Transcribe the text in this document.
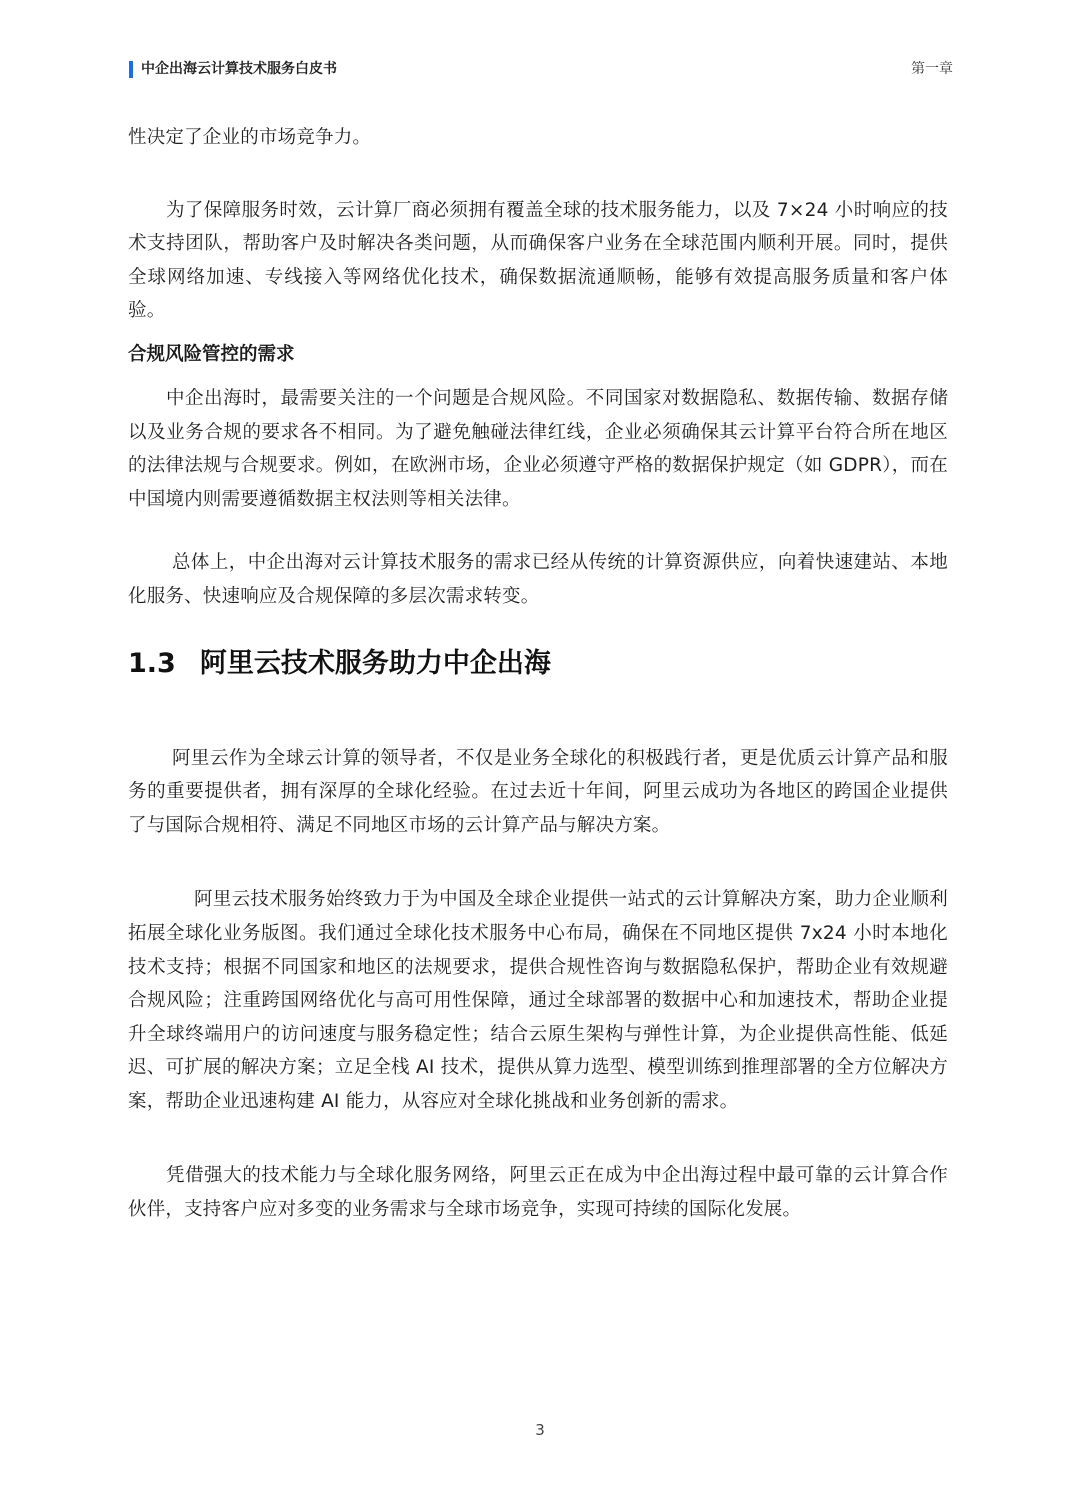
中企出海云计算技术服务白皮书	第一章

性决定了企业的市场竞争力。

为了保障服务时效，云计算厂商必须拥有覆盖全球的技术服务能力，以及 7×24 小时响应的技术支持团队，帮助客户及时解决各类问题，从而确保客户业务在全球范围内顺利开展。同时，提供全球网络加速、专线接入等网络优化技术，确保数据流通顺畅，能够有效提高服务质量和客户体验。

合规风险管控的需求

中企出海时，最需要关注的一个问题是合规风险。不同国家对数据隐私、数据传输、数据存储以及业务合规的要求各不相同。为了避免触碰法律红线，企业必须确保其云计算平台符合所在地区的法律法规与合规要求。例如，在欧洲市场，企业必须遵守严格的数据保护规定（如 GDPR），而在中国境内则需要遵循数据主权法则等相关法律。

总体上，中企出海对云计算技术服务的需求已经从传统的计算资源供应，向着快速建站、本地化服务、快速响应及合规保障的多层次需求转变。

1.3 阿里云技术服务助力中企出海

阿里云作为全球云计算的领导者，不仅是业务全球化的积极践行者，更是优质云计算产品和服务的重要提供者，拥有深厚的全球化经验。在过去近十年间，阿里云成功为各地区的跨国企业提供了与国际合规相符、满足不同地区市场的云计算产品与解决方案。

阿里云技术服务始终致力于为中国及全球企业提供一站式的云计算解决方案，助力企业顺利拓展全球化业务版图。我们通过全球化技术服务中心布局，确保在不同地区提供 7x24 小时本地化技术支持；根据不同国家和地区的法规要求，提供合规性咨询与数据隐私保护，帮助企业有效规避合规风险；注重跨国网络优化与高可用性保障，通过全球部署的数据中心和加速技术，帮助企业提升全球终端用户的访问速度与服务稳定性；结合云原生架构与弹性计算，为企业提供高性能、低延迟、可扩展的解决方案；立足全栈 AI 技术，提供从算力选型、模型训练到推理部署的全方位解决方案，帮助企业迅速构建 AI 能力，从容应对全球化挑战和业务创新的需求。

凭借强大的技术能力与全球化服务网络，阿里云正在成为中企出海过程中最可靠的云计算合作伙伴，支持客户应对多变的业务需求与全球市场竞争，实现可持续的国际化发展。

3
